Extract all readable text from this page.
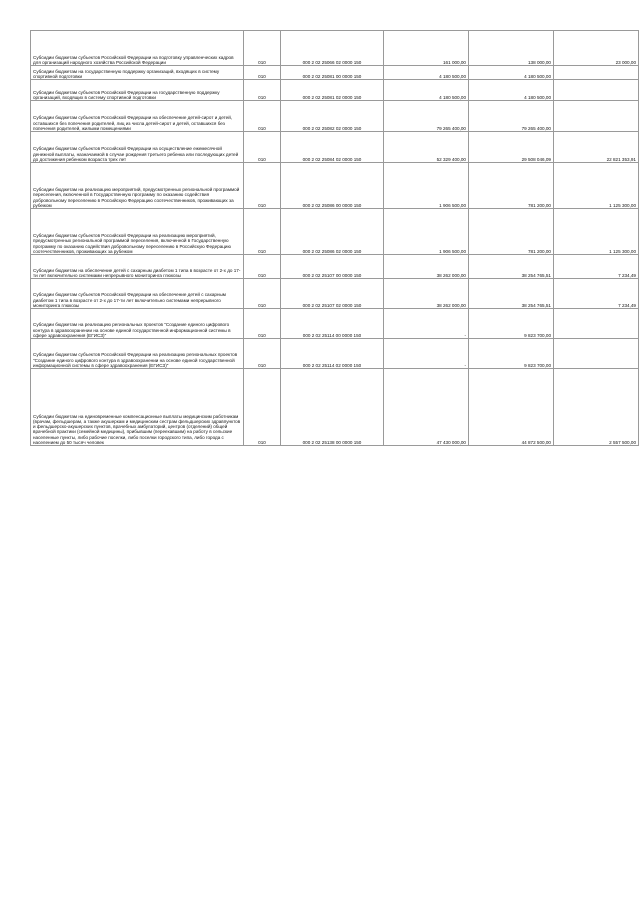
Субсидии бюджетам субъектов Российской Федерации на подготовку управленческих кадров для организаций народного хозяйства Российской Федерации	010	000 2 02 25066 02 0000 150	161 000,00	138 000,00	23 000,00
Субсидии бюджетам на государственную поддержку организаций, входящих в систему спортивной подготовки	010	000 2 02 25081 00 0000 150	4 180 500,00	4 180 500,00	
Субсидии бюджетам субъектов Российской Федерации на государственную поддержку организаций, входящих в систему спортивной подготовки	010	000 2 02 25081 02 0000 150	4 180 500,00	4 180 500,00	
Субсидии бюджетам субъектов Российской Федерации на обеспечение детей-сирот и детей, оставшихся без попечения родителей, лиц из числа детей-сирот и детей, оставшихся без попечения родителей, жилыми помещениями	010	000 2 02 25082 02 0000 150	79 265 400,00	79 265 400,00	
Субсидии бюджетам субъектов Российской Федерации на осуществление ежемесячной денежной выплаты, назначаемой в случае рождения третьего ребенка или последующих детей до достижения ребенком возраста трех лет	010	000 2 02 25084 02 0000 150	52 329 400,00	29 508 046,09	22 821 353,91
Субсидии бюджетам на реализацию мероприятий, предусмотренных региональной программой переселения, включенной в Государственную программу по оказанию содействия добровольному переселению в Российскую Федерацию соотечественников, проживающих за рубежом	010	000 2 02 25086 00 0000 150	1 906 500,00	781 200,00	1 125 300,00
Субсидии бюджетам субъектов Российской Федерации на реализацию мероприятий, предусмотренных региональной программой переселения, включенной в Государственную программу по оказанию содействия добровольному переселению в Российскую Федерацию соотечественников, проживающих за рубежом	010	000 2 02 25086 02 0000 150	1 906 500,00	781 200,00	1 125 300,00
Субсидии бюджетам на обеспечение детей с сахарным диабетом 1 типа в возрасте от 2-х до 17-ти лет включительно системами непрерывного мониторинга глюкозы	010	000 2 02 25107 00 0000 150	38 262 000,00	38 254 765,51	7 234,49
Субсидии бюджетам субъектов Российской Федерации на обеспечение детей с сахарным диабетом 1 типа в возрасте от 2-х до 17-ти лет включительно системами непрерывного мониторинга глюкозы	010	000 2 02 25107 02 0000 150	38 262 000,00	38 254 765,51	7 234,49
Субсидии бюджетам на реализацию региональных проектов "Создание единого цифрового контура в здравоохранении на основе единой государственной информационной системы в сфере здравоохранения (ЕГИСЗ)"	010	000 2 02 25114 00 0000 150	-	9 823 700,00	
Субсидии бюджетам субъектов Российской Федерации на реализацию региональных проектов "Создание единого цифрового контура в здравоохранении на основе единой государственной информационной системы в сфере здравоохранения (ЕГИСЗ)"	010	000 2 02 25114 02 0000 150	-	9 823 700,00	
Субсидии бюджетам на единовременные компенсационные выплаты медицинским работникам (врачам, фельдшерам, а также акушеркам и медицинским сестрам фельдшерских здравпунктов и фельдшерско-акушерских пунктов, врачебных амбулаторий, центров (отделений) общей врачебной практики (семейной медицины), прибывшим (переехавшим) на работу в сельские населенные пункты, либо рабочие поселки, либо поселки городского типа, либо города с населением до 50 тысяч человек	010	000 2 02 25138 00 0000 150	47 430 000,00	44 872 500,00	2 557 500,00
